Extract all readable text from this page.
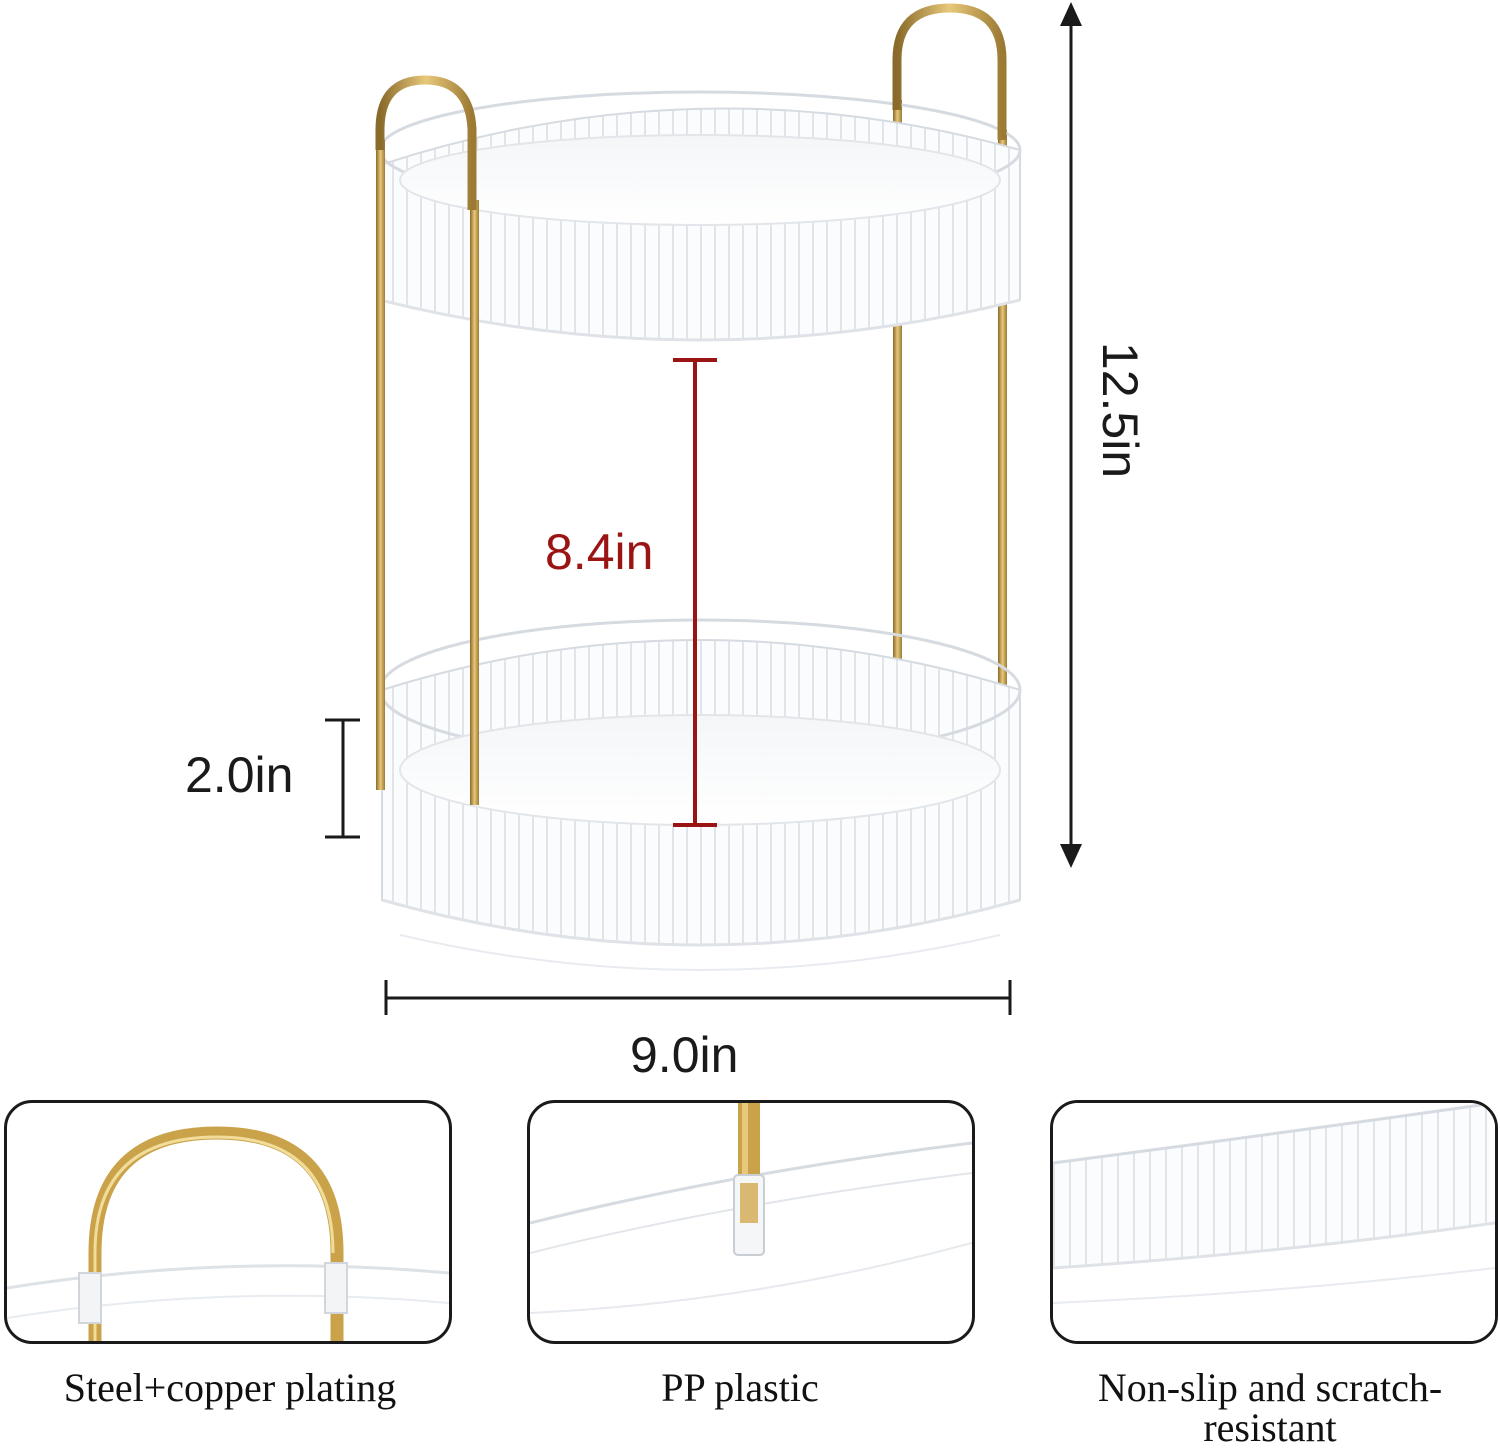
12.5in
8.4in
2.0in
9.0in
Steel+copper plating	PP plastic	Non-slip and scratch-resistant
